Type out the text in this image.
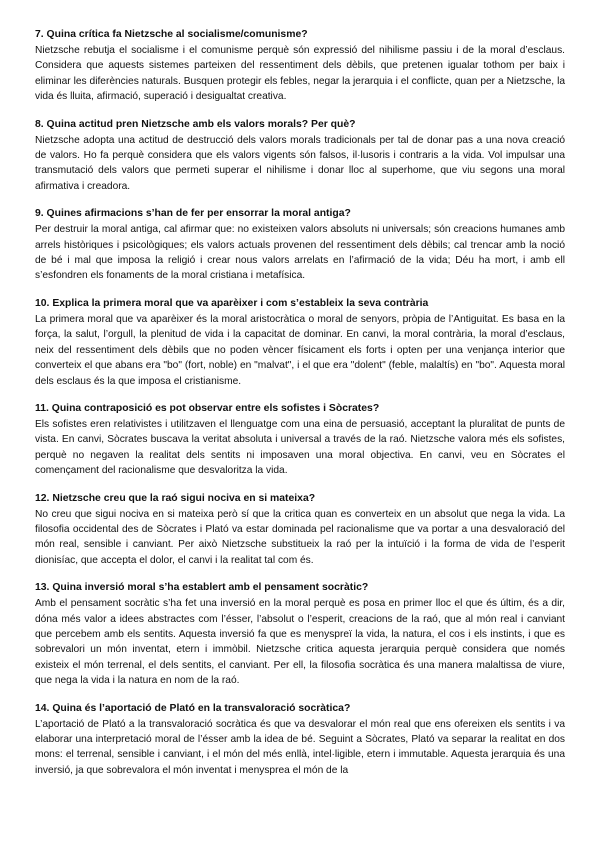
7. Quina crítica fa Nietzsche al socialisme/comunisme?

Nietzsche rebutja el socialisme i el comunisme perquè són expressió del nihilisme passiu i de la moral d’esclaus. Considera que aquests sistemes parteixen del ressentiment dels dèbils, que pretenen igualar tothom per baix i eliminar les diferències naturals. Busquen protegir els febles, negar la jerarquia i el conflicte, quan per a Nietzsche, la vida és lluita, afirmació, superació i desigualtat creativa.

8. Quina actitud pren Nietzsche amb els valors morals? Per què?

Nietzsche adopta una actitud de destrucció dels valors morals tradicionals per tal de donar pas a una nova creació de valors. Ho fa perquè considera que els valors vigents són falsos, il·lusoris i contraris a la vida. Vol impulsar una transmutació dels valors que permeti superar el nihilisme i donar lloc al superhome, que viu segons una moral afirmativa i creadora.

9. Quines afirmacions s’han de fer per ensorrar la moral antiga?

Per destruir la moral antiga, cal afirmar que: no existeixen valors absoluts ni universals; són creacions humanes amb arrels històriques i psicològiques; els valors actuals provenen del ressentiment dels dèbils; cal trencar amb la noció de bé i mal que imposa la religió i crear nous valors arrelats en l’afirmació de la vida; Déu ha mort, i amb ell s’esfondren els fonaments de la moral cristiana i metafísica.

10. Explica la primera moral que va aparèixer i com s’estableix la seva contrària

La primera moral que va aparèixer és la moral aristocràtica o moral de senyors, pròpia de l’Antiguitat. Es basa en la força, la salut, l’orgull, la plenitud de vida i la capacitat de dominar. En canvi, la moral contrària, la moral d’esclaus, neix del ressentiment dels dèbils que no poden vèncer físicament els forts i opten per una venjança interior que converteix el que abans era "bo" (fort, noble) en "malvat", i el que era "dolent" (feble, malaltís) en "bo". Aquesta moral dels esclaus és la que imposa el cristianisme.

11. Quina contraposició es pot observar entre els sofistes i Sòcrates?

Els sofistes eren relativistes i utilitzaven el llenguatge com una eina de persuasió, acceptant la pluralitat de punts de vista. En canvi, Sòcrates buscava la veritat absoluta i universal a través de la raó. Nietzsche valora més els sofistes, perquè no negaven la realitat dels sentits ni imposaven una moral objectiva. En canvi, veu en Sòcrates el començament del racionalisme que desvaloritza la vida.

12. Nietzsche creu que la raó sigui nociva en si mateixa?

No creu que sigui nociva en si mateixa però sí que la critica quan es converteix en un absolut que nega la vida. La filosofia occidental des de Sòcrates i Plató va estar dominada pel racionalisme que va portar a una desvaloració del món real, sensible i canviant. Per això Nietzsche substitueix la raó per la intuïció i la forma de vida de l’esperit dionisíac, que accepta el dolor, el canvi i la realitat tal com és.

13. Quina inversió moral s’ha establert amb el pensament socràtic?

Amb el pensament socràtic s’ha fet una inversió en la moral perquè es posa en primer lloc el que és últim, és a dir, dóna més valor a idees abstractes com l’ésser, l’absolut o l’esperit, creacions de la raó, que al món real i canviant que percebem amb els sentits. Aquesta inversió fa que es menyspreï la vida, la natura, el cos i els instints, i que es sobrevalori un món inventat, etern i immòbil. Nietzsche critica aquesta jerarquia perquè considera que només existeix el món terrenal, el dels sentits, el canviant. Per ell, la filosofia socràtica és una manera malaltissa de viure, que nega la vida i la natura en nom de la raó.

14. Quina és l’aportació de Plató en la transvaloració socràtica?

L’aportació de Plató a la transvaloració socràtica és que va desvalorar el món real que ens ofereixen els sentits i va elaborar una interpretació moral de l’ésser amb la idea de bé. Seguint a Sòcrates, Plató va separar la realitat en dos mons: el terrenal, sensible i canviant, i el món del més enllà, intel·ligible, etern i immutable. Aquesta jerarquia és una inversió, ja que sobrevalora el món inventat i menysprea el món de la
